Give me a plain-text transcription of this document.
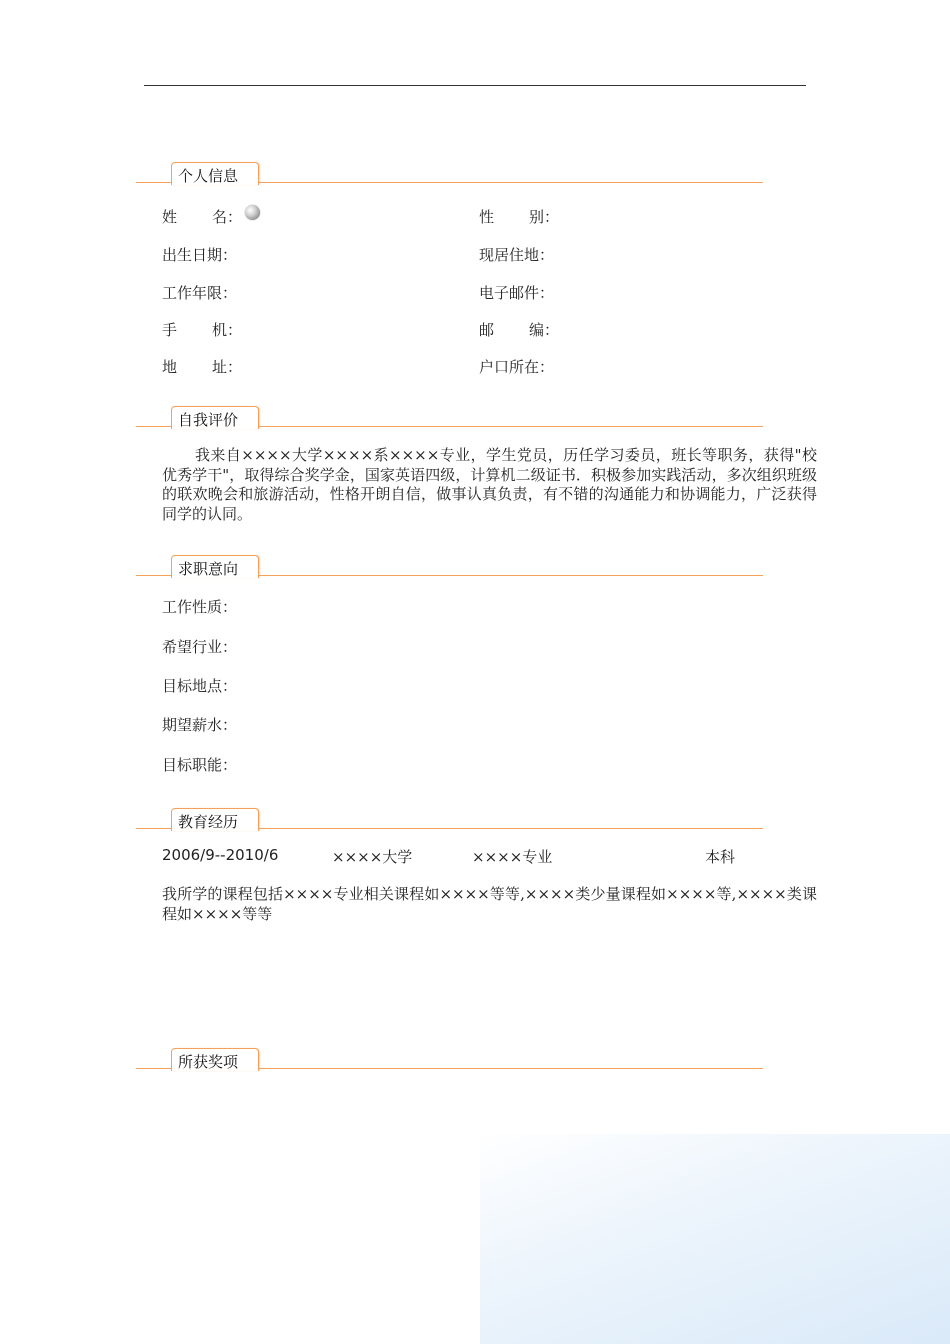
个人信息
姓 名：	性 别：
出生日期：	现居住地：
工作年限：	电子邮件：
手 机：	邮 编：
地 址：	户口所在：
自我评价
我来自××××大学××××系××××专业，学生党员，历任学习委员，班长等职务，获得"校优秀学干"，取得综合奖学金，国家英语四级，计算机二级证书．积极参加实践活动，多次组织班级的联欢晚会和旅游活动，性格开朗自信，做事认真负责，有不错的沟通能力和协调能力，广泛获得同学的认同。
求职意向
工作性质：
希望行业：
目标地点：
期望薪水：
目标职能：
教育经历
2006/9--2010/6	××××大学	××××专业	本科
我所学的课程包括××××专业相关课程如××××等等,××××类少量课程如××××等,××××类课程如××××等等
所获奖项
